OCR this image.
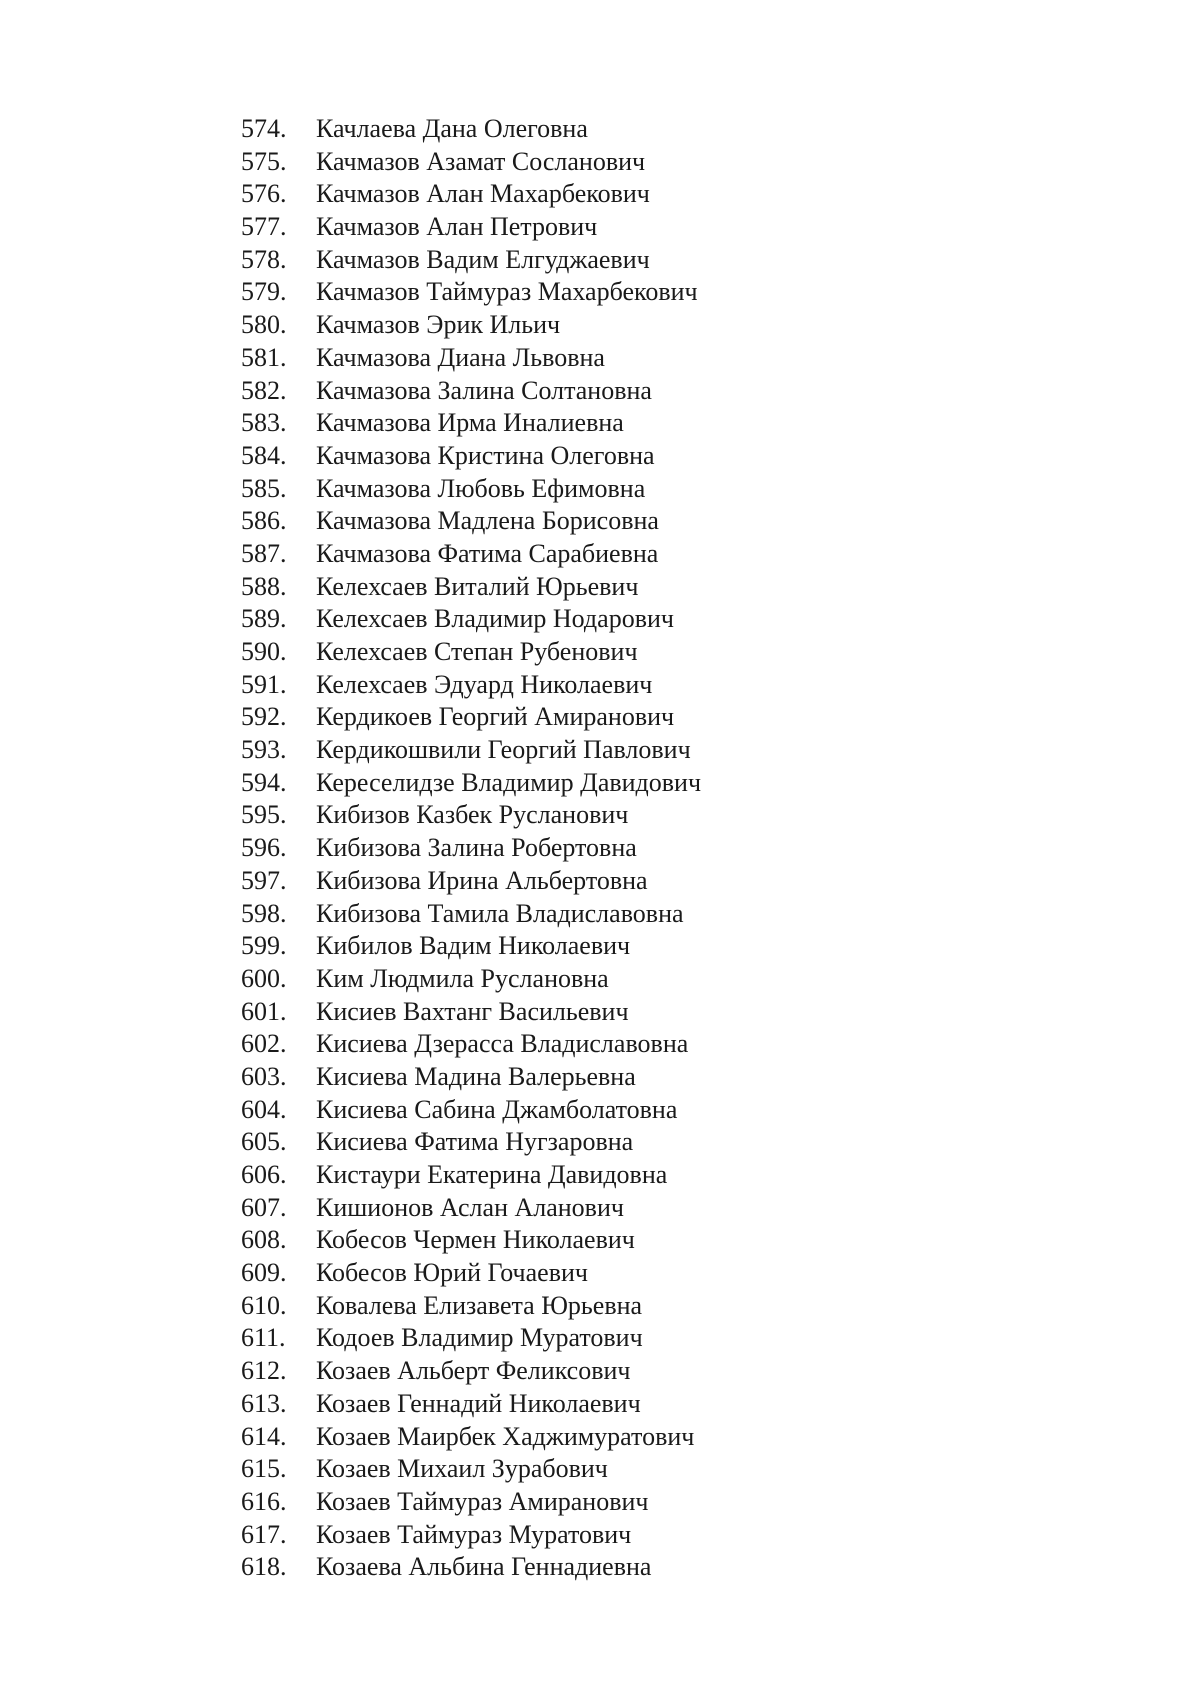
574.	Качлаева Дана Олеговна
575.	Качмазов Азамат Сосланович
576.	Качмазов Алан Махарбекович
577.	Качмазов Алан Петрович
578.	Качмазов Вадим Елгуджаевич
579.	Качмазов Таймураз Махарбекович
580.	Качмазов Эрик Ильич
581.	Качмазова Диана Львовна
582.	Качмазова Залина Солтановна
583.	Качмазова Ирма Иналиевна
584.	Качмазова Кристина Олеговна
585.	Качмазова Любовь Ефимовна
586.	Качмазова Мадлена Борисовна
587.	Качмазова Фатима Сарабиевна
588.	Келехсаев Виталий Юрьевич
589.	Келехсаев Владимир Нодарович
590.	Келехсаев Степан Рубенович
591.	Келехсаев Эдуард Николаевич
592.	Кердикоев Георгий Амиранович
593.	Кердикошвили Георгий Павлович
594.	Кереселидзе Владимир Давидович
595.	Кибизов Казбек Русланович
596.	Кибизова Залина Робертовна
597.	Кибизова Ирина Альбертовна
598.	Кибизова Тамила Владиславовна
599.	Кибилов Вадим Николаевич
600.	Ким Людмила Руслановна
601.	Кисиев Вахтанг Васильевич
602.	Кисиева Дзерасса Владиславовна
603.	Кисиева Мадина Валерьевна
604.	Кисиева Сабина Джамболатовна
605.	Кисиева Фатима Нугзаровна
606.	Кистаури Екатерина Давидовна
607.	Кишионов Аслан Аланович
608.	Кобесов Чермен Николаевич
609.	Кобесов Юрий Гочаевич
610.	Ковалева Елизавета Юрьевна
611.	Кодоев Владимир Муратович
612.	Козаев Альберт Феликсович
613.	Козаев Геннадий Николаевич
614.	Козаев Маирбек Хаджимуратович
615.	Козаев Михаил Зурабович
616.	Козаев Таймураз Амиранович
617.	Козаев Таймураз Муратович
618.	Козаева Альбина Геннадиевна
